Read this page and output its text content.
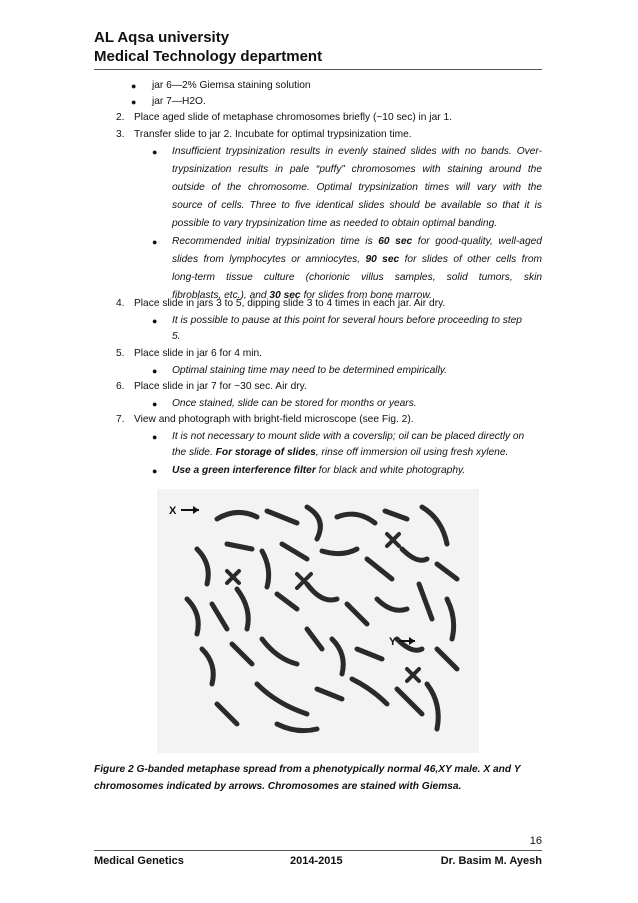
AL Aqsa university
Medical Technology department
● jar 6—2% Giemsa staining solution
● jar 7—H2O.
2. Place aged slide of metaphase chromosomes briefly (~10 sec) in jar 1.
3. Transfer slide to jar 2. Incubate for optimal trypsinization time.
● Insufficient trypsinization results in evenly stained slides with no bands. Over-
trypsinization results in pale “puffy” chromosomes with staining around the
outside of the chromosome. Optimal trypsinization times will vary with the
source of cells. Three to five identical slides should be available so that it is
possible to vary trypsinization time as needed to obtain optimal banding.
● Recommended initial trypsinization time is 60 sec for good-quality, well-aged
slides from lymphocytes or amniocytes, 90 sec for slides of other cells from
long-term tissue culture (chorionic villus samples, solid tumors, skin
fibroblasts, etc.), and 30 sec for slides from bone marrow.
4. Place slide in jars 3 to 5, dipping slide 3 to 4 times in each jar. Air dry.
● It is possible to pause at this point for several hours before proceeding to step
5.
5. Place slide in jar 6 for 4 min.
● Optimal staining time may need to be determined empirically.
6. Place slide in jar 7 for ~30 sec. Air dry.
● Once stained, slide can be stored for months or years.
7. View and photograph with bright-field microscope (see Fig. 2).
● It is not necessary to mount slide with a coverslip; oil can be placed directly on
the slide. For storage of slides, rinse off immersion oil using fresh xylene.
● Use a green interference filter for black and white photography.
X
Y
Figure 2 G-banded metaphase spread from a phenotypically normal 46,XY male. X and Y
chromosomes indicated by arrows. Chromosomes are stained with Giemsa.
16
Medical Genetics	2014-2015	Dr. Basim M. Ayesh
